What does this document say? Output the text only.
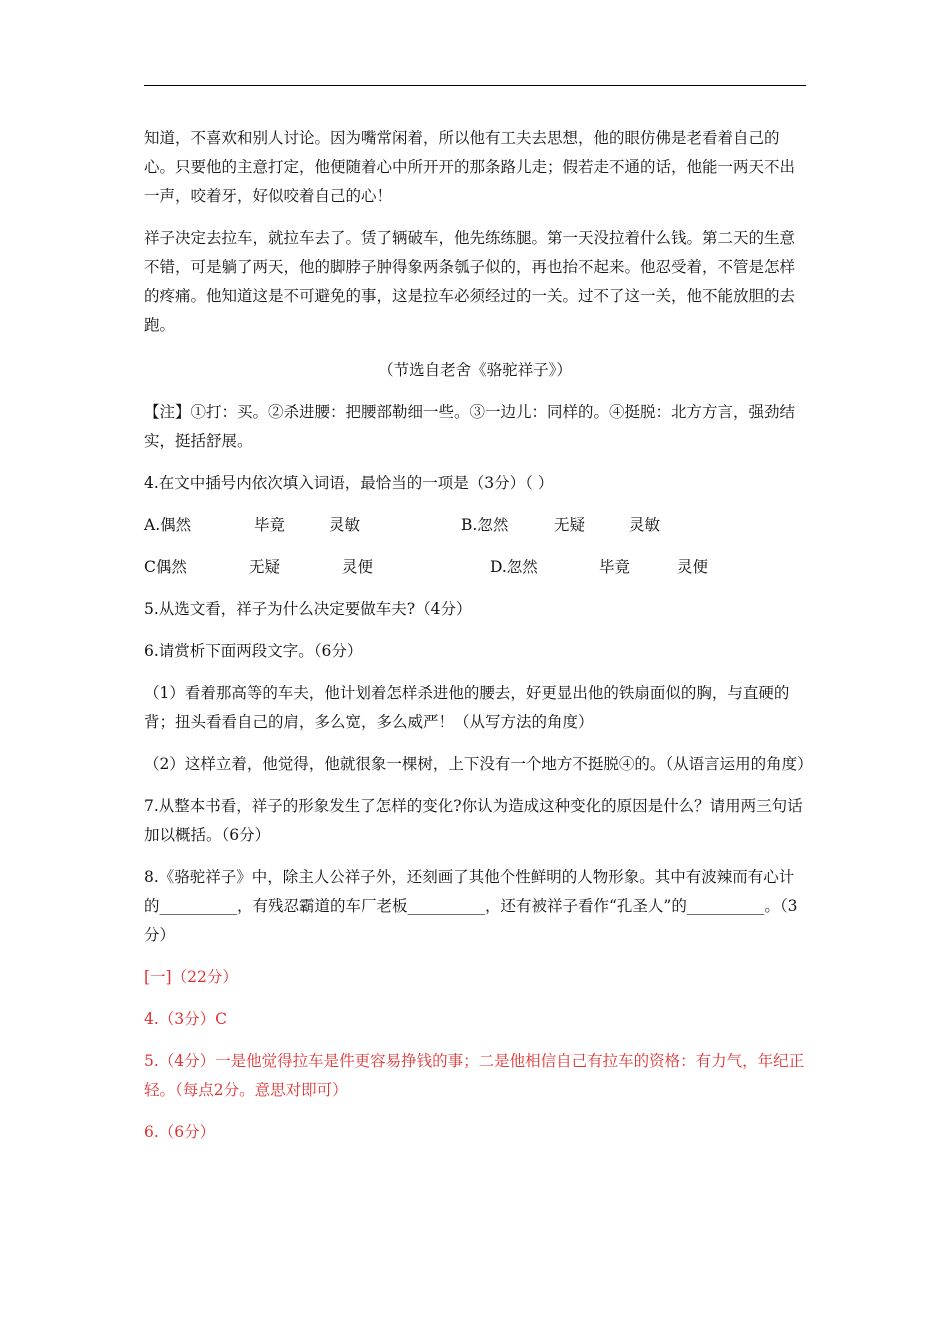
知道，不喜欢和别人讨论。因为嘴常闲着，所以他有工夫去思想，他的眼仿佛是老看着自己的心。只要他的主意打定，他便随着心中所开开的那条路儿走；假若走不通的话，他能一两天不出一声，咬着牙，好似咬着自己的心！

祥子决定去拉车，就拉车去了。赁了辆破车，他先练练腿。第一天没拉着什么钱。第二天的生意不错，可是躺了两天，他的脚脖子肿得象两条瓠子似的，再也抬不起来。他忍受着，不管是怎样的疼痛。他知道这是不可避免的事，这是拉车必须经过的一关。过不了这一关，他不能放胆的去跑。

（节选自老舍《骆驼祥子》）

【注】①打：买。②杀进腰：把腰部勒细一些。③一边儿：同样的。④挺脱：北方方言，强劲结实，挺括舒展。

4.在文中插号内依次填入词语，最恰当的一项是（3分）（ ）

A.偶然	毕竟	灵敏	B.忽然	无疑	灵敏
C偶然	无疑	灵便	D.忽然	毕竟	灵便

5.从选文看，祥子为什么决定要做车夫?（4分）

6.请赏析下面两段文字。（6分）

（1）看着那高等的车夫，他计划着怎样杀进他的腰去，好更显出他的铁扇面似的胸，与直硬的背；扭头看看自己的肩，多么宽，多么威严！（从写方法的角度）

（2）这样立着，他觉得，他就很象一棵树，上下没有一个地方不挺脱④的。（从语言运用的角度）

7.从整本书看，祥子的形象发生了怎样的变化?你认为造成这种变化的原因是什么？请用两三句话加以概括。（6分）

8.《骆驼祥子》中，除主人公祥子外，还刻画了其他个性鲜明的人物形象。其中有波辣而有心计的__________，有残忍霸道的车厂老板__________，还有被祥子看作“孔圣人”的__________。（3分）

[一]（22分）

4.（3分）C

5.（4分）一是他觉得拉车是件更容易挣钱的事；二是他相信自己有拉车的资格：有力气，年纪正轻。（每点2分。意思对即可）

6.（6分）
